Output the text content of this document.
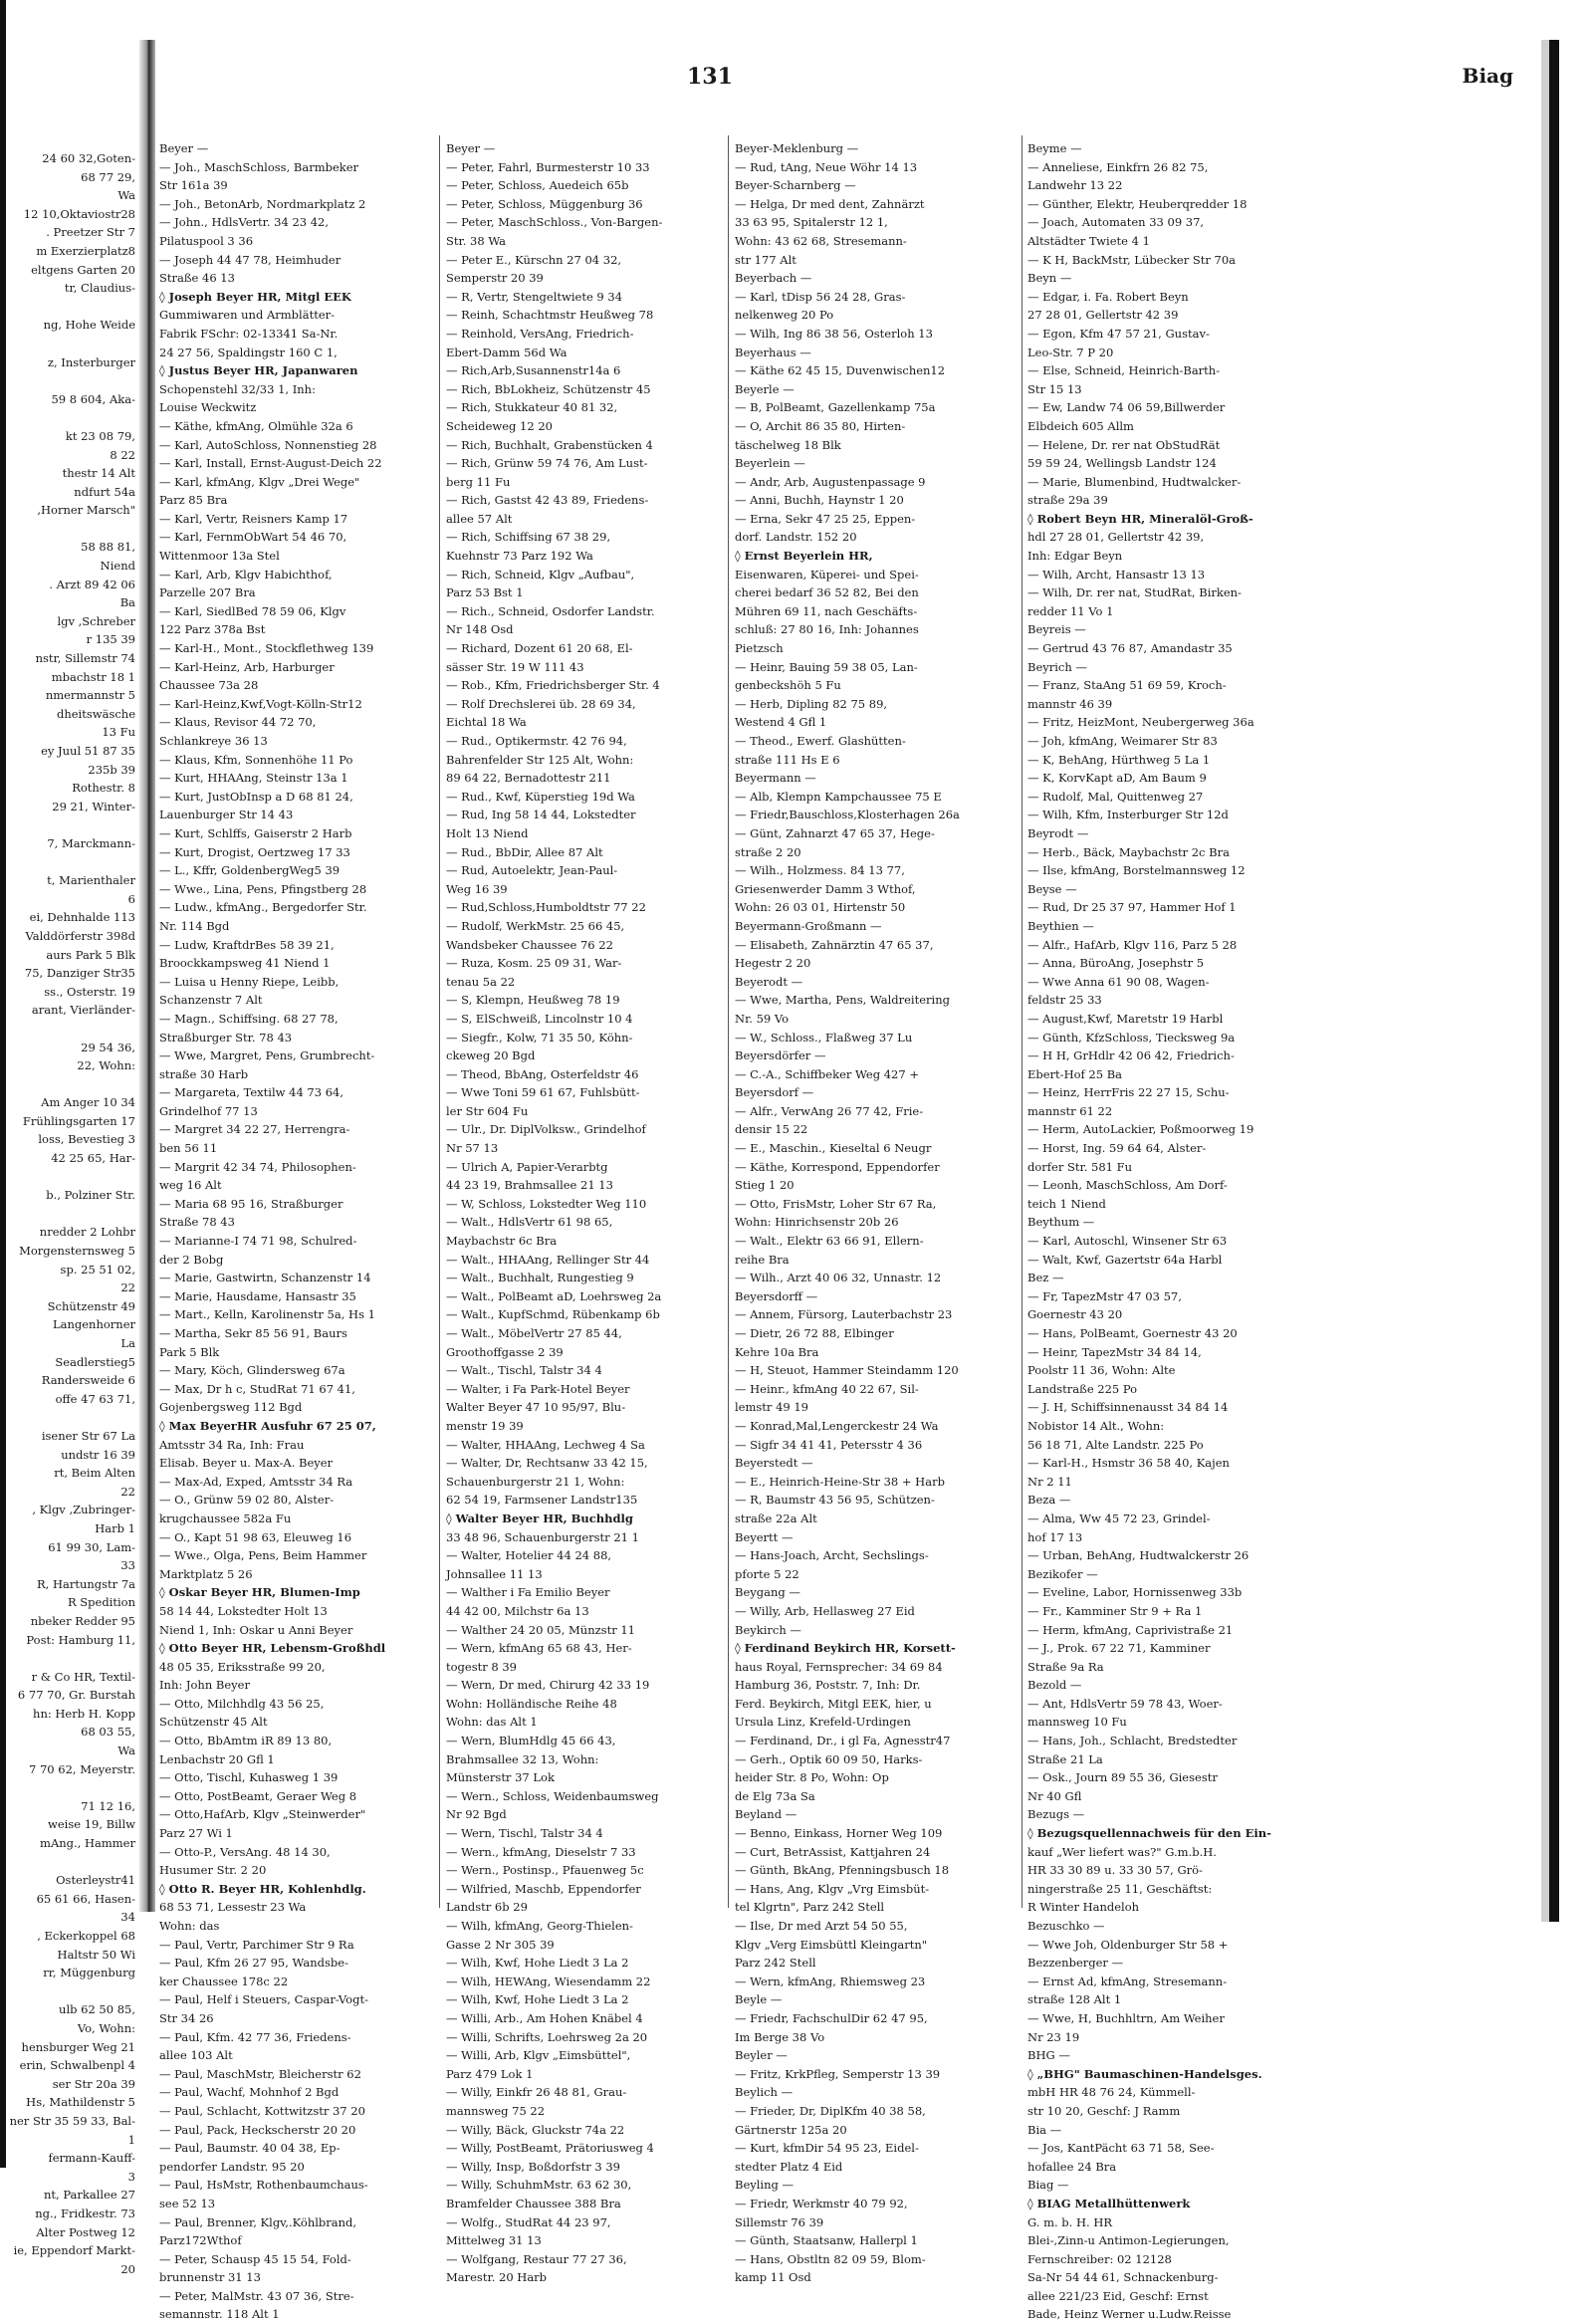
24 60 32,Goten-
68 77 29,
Wa
12 10,Oktaviostr28
. Preetzer Str 7
m Exerzierplatz8
eltgens Garten 20
tr, Claudius-

ng, Hohe Weide

z, Insterburger

59 8 604, Aka-

kt 23 08 79,
8 22
thestr 14 Alt
ndfurt 54a
,Horner Marsch"

58 88 81,
Niend
. Arzt 89 42 06
Ba
lgv ,Schreber
r 135 39
nstr, Sillemstr 74
mbachstr 18 1
nmermannstr 5
dheitswäsche
13 Fu
ey Juul 51 87 35
235b 39
Rothestr. 8
29 21, Winter-

7, Marckmann-

t, Marienthaler
6
ei, Dehnhalde 113
Valddörferstr 398d
aurs Park 5 Blk
75, Danziger Str35
ss., Osterstr. 19
arant, Vierländer-

29 54 36,
22, Wohn:

Am Anger 10 34
Frühlingsgarten 17
loss, Bevestieg 3
42 25 65, Har-

b., Polziner Str.

nredder 2 Lohbr
Morgensternsweg 5
sp. 25 51 02,
22
Schützenstr 49
Langenhorner
La
Seadlerstieg5
Randersweide 6
offe 47 63 71,

isener Str 67 La
undstr 16 39
rt, Beim Alten
22
, Klgv ,Zubringer-
Harb 1
61 99 30, Lam-
33
R, Hartungstr 7a
R Spedition
nbeker Redder 95
Post: Hamburg 11,

r & Co HR, Textil-
6 77 70, Gr. Burstah
hn: Herb H. Kopp
68 03 55,
Wa
7 70 62, Meyerstr.

71 12 16,
weise 19, Billw
mAng., Hammer

Osterleystr41
65 61 66, Hasen-
34
, Eckerkoppel 68
Haltstr 50 Wi
rr, Müggenburg

ulb 62 50 85,
Vo, Wohn:
hensburger Weg 21
erin, Schwalbenpl 4
ser Str 20a 39
Hs, Mathildenstr 5
ner Str 35 59 33, Bal-
1
fermann-Kauff-
3
nt, Parkallee 27
ng., Fridkestr. 73
Alter Postweg 12
ie, Eppendorf Markt-
20
131	Biag
Beyer —
— Joh., MaschSchloss, Barmbeker
Str 161a 39
— Joh., BetonArb, Nordmarkplatz 2
— John., HdlsVertr. 34 23 42,
Pilatuspool 3 36
— Joseph 44 47 78, Heimhuder
Straße 46 13
◊ Joseph Beyer HR, Mitgl EEK
Gummiwaren und Armblätter-
Fabrik FSchr: 02-13341 Sa-Nr.
24 27 56, Spaldingstr 160 C 1,
◊ Justus Beyer HR, Japanwaren
Schopenstehl 32/33 1, Inh:
Louise Weckwitz
— Käthe, kfmAng, Olmühle 32a 6
— Karl, AutoSchloss, Nonnenstieg 28
— Karl, Install, Ernst-August-Deich 22
— Karl, kfmAng, Klgv „Drei Wege"
Parz 85 Bra
— Karl, Vertr, Reisners Kamp 17
— Karl, FernmObWart 54 46 70,
Wittenmoor 13a Stel
— Karl, Arb, Klgv Habichthof,
Parzelle 207 Bra
— Karl, SiedlBed 78 59 06, Klgv
122 Parz 378a Bst
— Karl-H., Mont., Stockflethweg 139
— Karl-Heinz, Arb, Harburger
Chaussee 73a 28
— Karl-Heinz,Kwf,Vogt-Kölln-Str12
— Klaus, Revisor 44 72 70,
Schlankreye 36 13
— Klaus, Kfm, Sonnenhöhe 11 Po
— Kurt, HHAAng, Steinstr 13a 1
— Kurt, JustObInsp a D 68 81 24,
Lauenburger Str 14 43
— Kurt, Schlffs, Gaiserstr 2 Harb
— Kurt, Drogist, Oertzweg 17 33
— L., Kffr, GoldenbergWeg5 39
— Wwe., Lina, Pens, Pfingstberg 28
— Ludw., kfmAng., Bergedorfer Str.
Nr. 114 Bgd
— Ludw, KraftdrBes 58 39 21,
Broockkampsweg 41 Niend 1
— Luisa u Henny Riepe, Leibb,
Schanzenstr 7 Alt
— Magn., Schiffsing. 68 27 78,
Straßburger Str. 78 43
— Wwe, Margret, Pens, Grumbrecht-
straße 30 Harb
— Margareta, Textilw 44 73 64,
Grindelhof 77 13
— Margret 34 22 27, Herrengra-
ben 56 11
— Margrit 42 34 74, Philosophen-
weg 16 Alt
— Maria 68 95 16, Straßburger
Straße 78 43
— Marianne-I 74 71 98, Schulred-
der 2 Bobg
— Marie, Gastwirtn, Schanzenstr 14
— Marie, Hausdame, Hansastr 35
— Mart., Kelln, Karolinenstr 5a, Hs 1
— Martha, Sekr 85 56 91, Baurs
Park 5 Blk
— Mary, Köch, Glindersweg 67a
— Max, Dr h c, StudRat 71 67 41,
Gojenbergsweg 112 Bgd
◊ Max BeyerHR Ausfuhr 67 25 07,
Amtsstr 34 Ra, Inh: Frau
Elisab. Beyer u. Max-A. Beyer
— Max-Ad, Exped, Amtsstr 34 Ra
— O., Grünw 59 02 80, Alster-
krugchaussee 582a Fu
— O., Kapt 51 98 63, Eleuweg 16
— Wwe., Olga, Pens, Beim Hammer
Marktplatz 5 26
◊ Oskar Beyer HR, Blumen-Imp
58 14 44, Lokstedter Holt 13
Niend 1, Inh: Oskar u Anni Beyer
◊ Otto Beyer HR, Lebensm-Großhdl
48 05 35, Eriksstraße 99 20,
Inh: John Beyer
— Otto, Milchhdlg 43 56 25,
Schützenstr 45 Alt
— Otto, BbAmtm iR 89 13 80,
Lenbachstr 20 Gfl 1
— Otto, Tischl, Kuhasweg 1 39
— Otto, PostBeamt, Geraer Weg 8
— Otto,HafArb, Klgv „Steinwerder"
Parz 27 Wi 1
— Otto-P., VersAng. 48 14 30,
Husumer Str. 2 20
◊ Otto R. Beyer HR, Kohlenhdlg.
68 53 71, Lessestr 23 Wa
Wohn: das
— Paul, Vertr, Parchimer Str 9 Ra
— Paul, Kfm 26 27 95, Wandsbe-
ker Chaussee 178c 22
— Paul, Helf i Steuers, Caspar-Vogt-
Str 34 26
— Paul, Kfm. 42 77 36, Friedens-
allee 103 Alt
— Paul, MaschMstr, Bleicherstr 62
— Paul, Wachf, Mohnhof 2 Bgd
— Paul, Schlacht, Kottwitzstr 37 20
— Paul, Pack, Heckscherstr 20 20
— Paul, Baumstr. 40 04 38, Ep-
pendorfer Landstr. 95 20
— Paul, HsMstr, Rothenbaumchaus-
see 52 13
— Paul, Brenner, Klgv,.Köhlbrand,
Parz172Wthof
— Peter, Schausp 45 15 54, Fold-
brunnenstr 31 13
— Peter, MalMstr. 43 07 36, Stre-
semannstr. 118 Alt 1
Beyer —
— Peter, Fahrl, Burmesterstr 10 33
— Peter, Schloss, Auedeich 65b
— Peter, Schloss, Müggenburg 36
— Peter, MaschSchloss., Von-Bargen-
Str. 38 Wa
— Peter E., Kürschn 27 04 32,
Semperstr 20 39
— R, Vertr, Stengeltwiete 9 34
— Reinh, Schachtmstr Heußweg 78
— Reinhold, VersAng, Friedrich-
Ebert-Damm 56d Wa
— Rich,Arb,Susannenstr14a 6
— Rich, BbLokheiz, Schützenstr 45
— Rich, Stukkateur 40 81 32,
Scheideweg 12 20
— Rich, Buchhalt, Grabenstücken 4
— Rich, Grünw 59 74 76, Am Lust-
berg 11 Fu
— Rich, Gastst 42 43 89, Friedens-
allee 57 Alt
— Rich, Schiffsing 67 38 29,
Kuehnstr 73 Parz 192 Wa
— Rich, Schneid, Klgv „Aufbau",
Parz 53 Bst 1
— Rich., Schneid, Osdorfer Landstr.
Nr 148 Osd
— Richard, Dozent 61 20 68, El-
sässer Str. 19 W 111 43
— Rob., Kfm, Friedrichsberger Str. 4
— Rolf Drechslerei üb. 28 69 34,
Eichtal 18 Wa
— Rud., Optikermstr. 42 76 94,
Bahrenfelder Str 125 Alt, Wohn:
89 64 22, Bernadottestr 211
— Rud., Kwf, Küperstieg 19d Wa
— Rud, Ing 58 14 44, Lokstedter
Holt 13 Niend
— Rud., BbDir, Allee 87 Alt
— Rud, Autoelektr, Jean-Paul-
Weg 16 39
— Rud,Schloss,Humboldtstr 77 22
— Rudolf, WerkMstr. 25 66 45,
Wandsbeker Chaussee 76 22
— Ruza, Kosm. 25 09 31, War-
tenau 5a 22
— S, Klempn, Heußweg 78 19
— S, ElSchweiß, Lincolnstr 10 4
— Siegfr., Kolw, 71 35 50, Köhn-
ckeweg 20 Bgd
— Theod, BbAng, Osterfeldstr 46
— Wwe Toni 59 61 67, Fuhlsbütt-
ler Str 604 Fu
— Ulr., Dr. DiplVolksw., Grindelhof
Nr 57 13
— Ulrich A, Papier-Verarbtg
44 23 19, Brahmsallee 21 13
— W, Schloss, Lokstedter Weg 110
— Walt., HdlsVertr 61 98 65,
Maybachstr 6c Bra
— Walt., HHAAng, Rellinger Str 44
— Walt., Buchhalt, Rungestieg 9
— Walt., PolBeamt aD, Loehrsweg 2a
— Walt., KupfSchmd, Rübenkamp 6b
— Walt., MöbelVertr 27 85 44,
Groothoffgasse 2 39
— Walt., Tischl, Talstr 34 4
— Walter, i Fa Park-Hotel Beyer
Walter Beyer 47 10 95/97, Blu-
menstr 19 39
— Walter, HHAAng, Lechweg 4 Sa
— Walter, Dr, Rechtsanw 33 42 15,
Schauenburgerstr 21 1, Wohn:
62 54 19, Farmsener Landstr135
◊ Walter Beyer HR, Buchhdlg
33 48 96, Schauenburgerstr 21 1
— Walter, Hotelier 44 24 88,
Johnsallee 11 13
— Walther i Fa Emilio Beyer
44 42 00, Milchstr 6a 13
— Walther 24 20 05, Münzstr 11
— Wern, kfmAng 65 68 43, Her-
togestr 8 39
— Wern, Dr med, Chirurg 42 33 19
Wohn: Holländische Reihe 48
Wohn: das Alt 1
— Wern, BlumHdlg 45 66 43,
Brahmsallee 32 13, Wohn:
Münsterstr 37 Lok
— Wern., Schloss, Weidenbaumsweg
Nr 92 Bgd
— Wern, Tischl, Talstr 34 4
— Wern., kfmAng, Dieselstr 7 33
— Wern., Postinsp., Pfauenweg 5c
— Wilfried, Maschb, Eppendorfer
Landstr 6b 29
— Wilh, kfmAng, Georg-Thielen-
Gasse 2 Nr 305 39
— Wilh, Kwf, Hohe Liedt 3 La 2
— Wilh, HEWAng, Wiesendamm 22
— Wilh, Kwf, Hohe Liedt 3 La 2
— Willi, Arb., Am Hohen Knäbel 4
— Willi, Schrifts, Loehrsweg 2a 20
— Willi, Arb, Klgv „Eimsbüttel",
Parz 479 Lok 1
— Willy, Einkfr 26 48 81, Grau-
mannsweg 75 22
— Willy, Bäck, Gluckstr 74a 22
— Willy, PostBeamt, Prätoriusweg 4
— Willy, Insp, Boßdorfstr 3 39
— Willy, SchuhmMstr. 63 62 30,
Bramfelder Chaussee 388 Bra
— Wolfg., StudRat 44 23 97,
Mittelweg 31 13
— Wolfgang, Restaur 77 27 36,
Marestr. 20 Harb
Beyer-Meklenburg —
— Rud, tAng, Neue Wöhr 14 13
Beyer-Scharnberg —
— Helga, Dr med dent, Zahnärzt
33 63 95, Spitalerstr 12 1,
Wohn: 43 62 68, Stresemann-
str 177 Alt
Beyerbach —
— Karl, tDisp 56 24 28, Gras-
nelkenweg 20 Po
— Wilh, Ing 86 38 56, Osterloh 13
Beyerhaus —
— Käthe 62 45 15, Duvenwischen12
Beyerle —
— B, PolBeamt, Gazellenkamp 75a
— O, Archit 86 35 80, Hirten-
täschelweg 18 Blk
Beyerlein —
— Andr, Arb, Augustenpassage 9
— Anni, Buchh, Haynstr 1 20
— Erna, Sekr 47 25 25, Eppen-
dorf. Landstr. 152 20
◊ Ernst Beyerlein HR,
Eisenwaren, Küperei- und Spei-
cherei bedarf 36 52 82, Bei den
Mühren 69 11, nach Geschäfts-
schluß: 27 80 16, Inh: Johannes
Pietzsch
— Heinr, Bauing 59 38 05, Lan-
genbeckshöh 5 Fu
— Herb, Dipling 82 75 89,
Westend 4 Gfl 1
— Theod., Ewerf. Glashütten-
straße 111 Hs E 6
Beyermann —
— Alb, Klempn Kampchaussee 75 E
— Friedr,Bauschloss,Klosterhagen 26a
— Günt, Zahnarzt 47 65 37, Hege-
straße 2 20
— Wilh., Holzmess. 84 13 77,
Griesenwerder Damm 3 Wthof,
Wohn: 26 03 01, Hirtenstr 50
Beyermann-Großmann —
— Elisabeth, Zahnärztin 47 65 37,
Hegestr 2 20
Beyerodt —
— Wwe, Martha, Pens, Waldreitering
Nr. 59 Vo
— W., Schloss., Flaßweg 37 Lu
Beyersdörfer —
— C.-A., Schiffbeker Weg 427 +
Beyersdorf —
— Alfr., VerwAng 26 77 42, Frie-
densir 15 22
— E., Maschin., Kieseltal 6 Neugr
— Käthe, Korrespond, Eppendorfer
Stieg 1 20
— Otto, FrisMstr, Loher Str 67 Ra,
Wohn: Hinrichsenstr 20b 26
— Walt., Elektr 63 66 91, Ellern-
reihe Bra
— Wilh., Arzt 40 06 32, Unnastr. 12
Beyersdorff —
— Annem, Fürsorg, Lauterbachstr 23
— Dietr, 26 72 88, Elbinger
Kehre 10a Bra
— H, Steuot, Hammer Steindamm 120
— Heinr., kfmAng 40 22 67, Sil-
lemstr 49 19
— Konrad,Mal,Lengerckestr 24 Wa
— Sigfr 34 41 41, Petersstr 4 36
Beyerstedt —
— E., Heinrich-Heine-Str 38 + Harb
— R, Baumstr 43 56 95, Schützen-
straße 22a Alt
Beyertt —
— Hans-Joach, Archt, Sechslings-
pforte 5 22
Beygang —
— Willy, Arb, Hellasweg 27 Eid
Beykirch —
◊ Ferdinand Beykirch HR, Korsett-
haus Royal, Fernsprecher: 34 69 84
Hamburg 36, Poststr. 7, Inh: Dr.
Ferd. Beykirch, Mitgl EEK, hier, u
Ursula Linz, Krefeld-Urdingen
— Ferdinand, Dr., i gl Fa, Agnesstr47
— Gerh., Optik 60 09 50, Harks-
heider Str. 8 Po, Wohn: Op
de Elg 73a Sa
Beyland —
— Benno, Einkass, Horner Weg 109
— Curt, BetrAssist, Kattjahren 24
— Günth, BkAng, Pfenningsbusch 18
— Hans, Ang, Klgv „Vrg Eimsbüt-
tel Klgrtn", Parz 242 Stell
— Ilse, Dr med Arzt 54 50 55,
Klgv „Verg Eimsbüttl Kleingartn"
Parz 242 Stell
— Wern, kfmAng, Rhiemsweg 23
Beyle —
— Friedr, FachschulDir 62 47 95,
Im Berge 38 Vo
Beyler —
— Fritz, KrkPfleg, Semperstr 13 39
Beylich —
— Frieder, Dr, DiplKfm 40 38 58,
Gärtnerstr 125a 20
— Kurt, kfmDir 54 95 23, Eidel-
stedter Platz 4 Eid
Beyling —
— Friedr, Werkmstr 40 79 92,
Sillemstr 76 39
— Günth, Staatsanw, Hallerpl 1
— Hans, Obstltn 82 09 59, Blom-
kamp 11 Osd
Beyme —
— Anneliese, Einkfrn 26 82 75,
Landwehr 13 22
— Günther, Elektr, Heuberqredder 18
— Joach, Automaten 33 09 37,
Altstädter Twiete 4 1
— K H, BackMstr, Lübecker Str 70a
Beyn —
— Edgar, i. Fa. Robert Beyn
27 28 01, Gellertstr 42 39
— Egon, Kfm 47 57 21, Gustav-
Leo-Str. 7 P 20
— Else, Schneid, Heinrich-Barth-
Str 15 13
— Ew, Landw 74 06 59,Billwerder
Elbdeich 605 Allm
— Helene, Dr. rer nat ObStudRät
59 59 24, Wellingsb Landstr 124
— Marie, Blumenbind, Hudtwalcker-
straße 29a 39
◊ Robert Beyn HR, Mineralöl-Groß-
hdl 27 28 01, Gellertstr 42 39,
Inh: Edgar Beyn
— Wilh, Archt, Hansastr 13 13
— Wilh, Dr. rer nat, StudRat, Birken-
redder 11 Vo 1
Beyreis —
— Gertrud 43 76 87, Amandastr 35
Beyrich —
— Franz, StaAng 51 69 59, Kroch-
mannstr 46 39
— Fritz, HeizMont, Neubergerweg 36a
— Joh, kfmAng, Weimarer Str 83
— K, BehAng, Hürthweg 5 La 1
— K, KorvKapt aD, Am Baum 9
— Rudolf, Mal, Quittenweg 27
— Wilh, Kfm, Insterburger Str 12d
Beyrodt —
— Herb., Bäck, Maybachstr 2c Bra
— Ilse, kfmAng, Borstelmannsweg 12
Beyse —
— Rud, Dr 25 37 97, Hammer Hof 1
Beythien —
— Alfr., HafArb, Klgv 116, Parz 5 28
— Anna, BüroAng, Josephstr 5
— Wwe Anna 61 90 08, Wagen-
feldstr 25 33
— August,Kwf, Maretstr 19 Harbl
— Günth, KfzSchloss, Tiecksweg 9a
— H H, GrHdlr 42 06 42, Friedrich-
Ebert-Hof 25 Ba
— Heinz, HerrFris 22 27 15, Schu-
mannstr 61 22
— Herm, AutoLackier, Poßmoorweg 19
— Horst, Ing. 59 64 64, Alster-
dorfer Str. 581 Fu
— Leonh, MaschSchloss, Am Dorf-
teich 1 Niend
Beythum —
— Karl, Autoschl, Winsener Str 63
— Walt, Kwf, Gazertstr 64a Harbl
Bez —
— Fr, TapezMstr 47 03 57,
Goernestr 43 20
— Hans, PolBeamt, Goernestr 43 20
— Heinr, TapezMstr 34 84 14,
Poolstr 11 36, Wohn: Alte
Landstraße 225 Po
— J. H, Schiffsinnenausst 34 84 14
Nobistor 14 Alt., Wohn:
56 18 71, Alte Landstr. 225 Po
— Karl-H., Hsmstr 36 58 40, Kajen
Nr 2 11
Beza —
— Alma, Ww 45 72 23, Grindel-
hof 17 13
— Urban, BehAng, Hudtwalckerstr 26
Bezikofer —
— Eveline, Labor, Hornissenweg 33b
— Fr., Kamminer Str 9 + Ra 1
— Herm, kfmAng, Caprivistraße 21
— J., Prok. 67 22 71, Kamminer
Straße 9a Ra
Bezold —
— Ant, HdlsVertr 59 78 43, Woer-
mannsweg 10 Fu
— Hans, Joh., Schlacht, Bredstedter
Straße 21 La
— Osk., Journ 89 55 36, Giesestr
Nr 40 Gfl
Bezugs —
◊ Bezugsquellennachweis für den Ein-
kauf „Wer liefert was?" G.m.b.H.
HR 33 30 89 u. 33 30 57, Grö-
ningerstraße 25 11, Geschäftst:
R Winter Handeloh
Bezuschko —
— Wwe Joh, Oldenburger Str 58 +
Bezzenberger —
— Ernst Ad, kfmAng, Stresemann-
straße 128 Alt 1
— Wwe, H, Buchhltrn, Am Weiher
Nr 23 19
BHG —
◊ „BHG" Baumaschinen-Handelsges.
mbH HR 48 76 24, Kümmell-
str 10 20, Geschf: J Ramm
Bia —
— Jos, KantPächt 63 71 58, See-
hofallee 24 Bra
Biag —
◊ BIAG Metallhüttenwerk
G. m. b. H. HR
Blei-,Zinn-u Antimon-Legierungen,
Fernschreiber: 02 12128
Sa-Nr 54 44 61, Schnackenburg-
allee 221/23 Eid, Geschf: Ernst
Bade, Heinz Werner u.Ludw.Reisse
